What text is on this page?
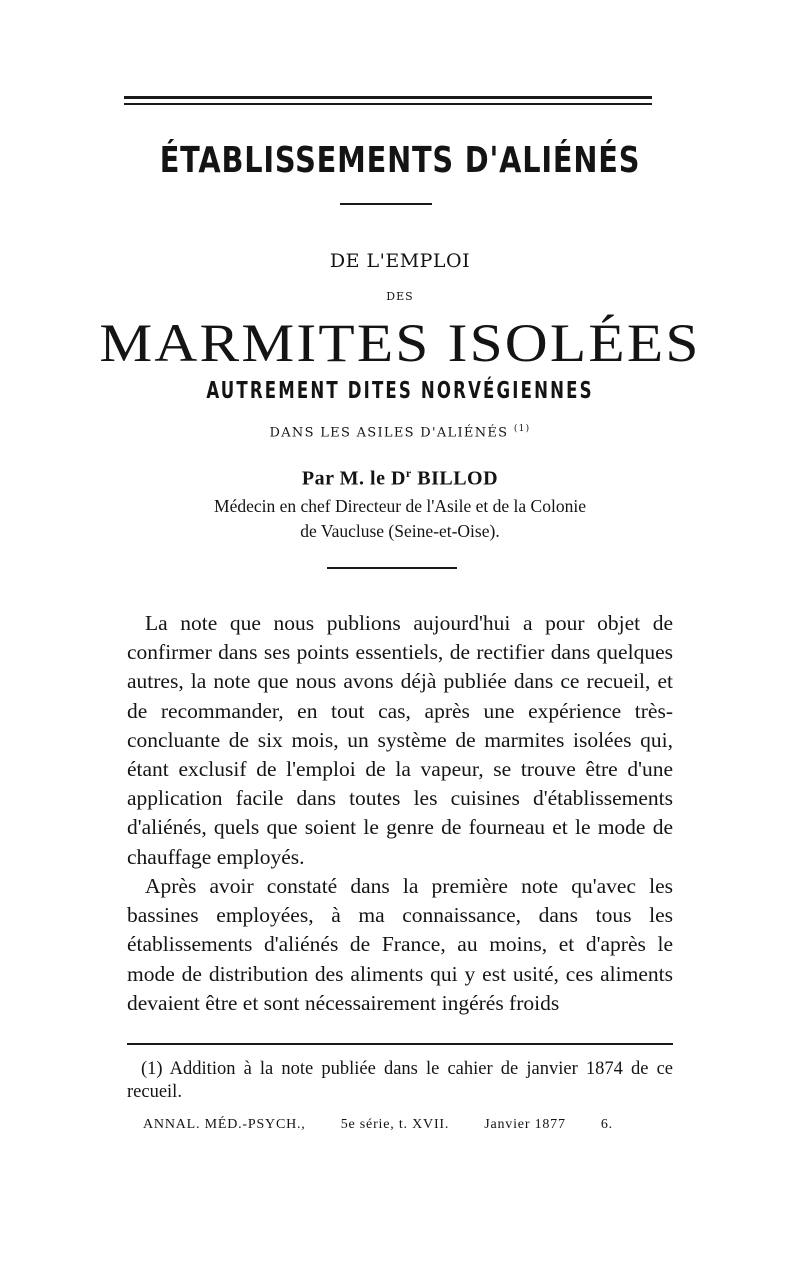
ÉTABLISSEMENTS D'ALIÉNÉS
DE L'EMPLOI
DES
MARMITES ISOLÉES
AUTREMENT DITES NORVÉGIENNES
DANS LES ASILES D'ALIÉNÉS $^{(1)}$
Par M. le $D^r$ BILLOD
Médecin en chef Directeur de l'Asile et de la Colonie
de Vaucluse (Seine-et-Oise).

La note que nous publions aujourd'hui a pour objet de confirmer dans ses points essentiels, de rectifier dans quelques autres, la note que nous avons déjà publiée dans ce recueil, et de recommander, en tout cas, après une expérience très-concluante de six mois, un système de marmites isolées qui, étant exclusif de l'emploi de la vapeur, se trouve être d'une application facile dans toutes les cuisines d'établissements d'aliénés, quels que soient le genre de fourneau et le mode de chauffage employés.

Après avoir constaté dans la première note qu'avec les bassines employées, à ma connaissance, dans tous les établissements d'aliénés de France, au moins, et d'après le mode de distribution des aliments qui y est usité, ces aliments devaient être et sont nécessairement ingérés froids

(1) Addition à la note publiée dans le cahier de janvier 1874 de ce recueil.

ANNAL. MÉD.-PSYCH.,	5e série, t. XVII.	Janvier 1877	6.
